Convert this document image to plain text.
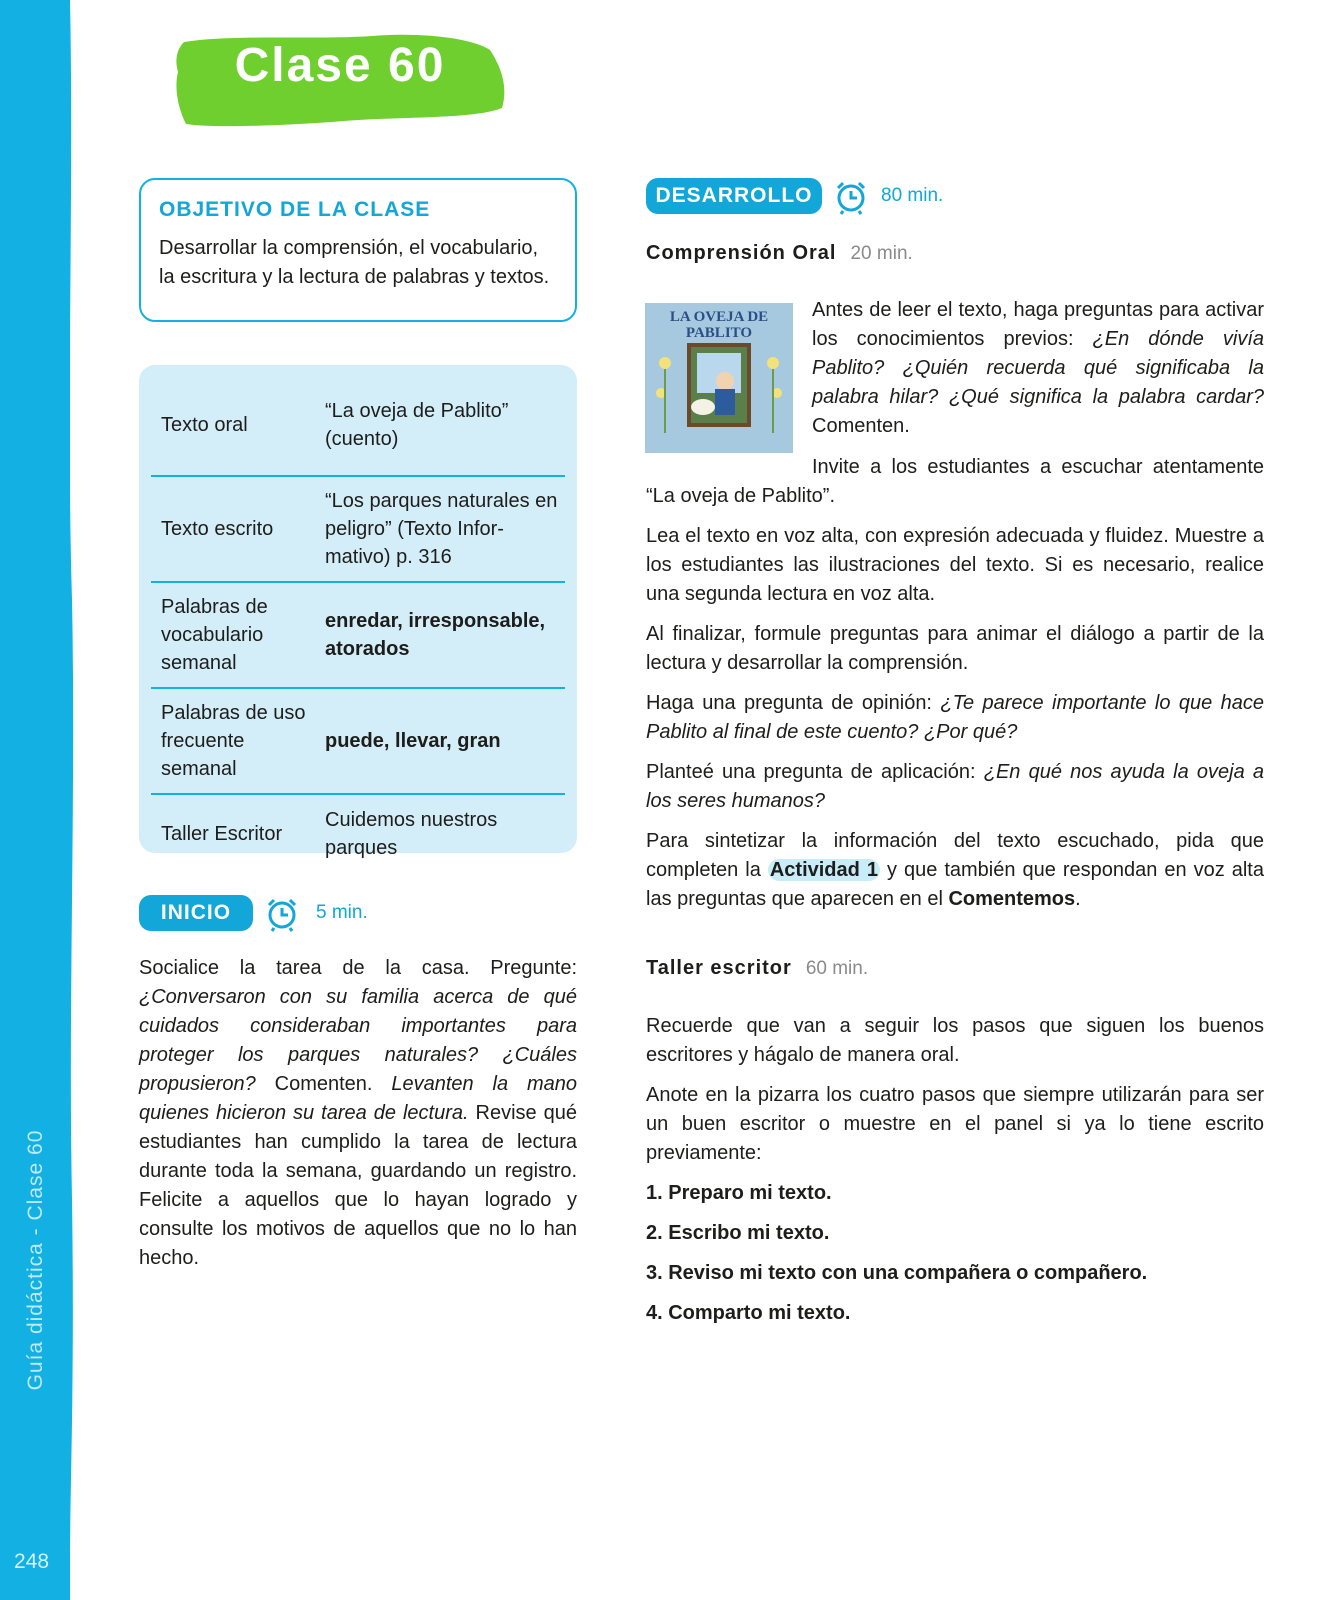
Guía didáctica - Clase 60
248
Clase 60
OBJETIVO DE LA CLASE

Desarrollar la comprensión, el vocabulario, la escritura y la lectura de palabras y textos.

Texto oral
“La oveja de Pablito” (cuento)
Texto escrito
“Los parques naturales en peligro” (Texto Infor-mativo) p. 316
Palabras de vocabulario semanal
enredar, irresponsable, atorados
Palabras de uso frecuente semanal
puede, llevar, gran
Taller Escritor
Cuidemos nuestros parques
INICIO	5 min.

Socialice la tarea de la casa. Pregunte: ¿Conversaron con su familia acerca de qué cuidados consideraban importantes para proteger los parques naturales? ¿Cuáles propusieron? Comenten. Levanten la mano quienes hicieron su tarea de lectura. Revise qué estudiantes han cumplido la tarea de lectura durante toda la semana, guardando un registro. Felicite a aquellos que lo hayan logrado y consulte los motivos de aquellos que no lo han hecho.

DESARROLLO	80 min.
Comprensión Oral 20 min.
LA OVEJA DE PABLITO

Antes de leer el texto, haga preguntas para activar los conocimientos previos: ¿En dónde vivía Pablito? ¿Quién recuerda qué significaba la palabra hilar? ¿Qué significa la palabra cardar? Comenten.

Invite a los estudiantes a escuchar atentamente “La oveja de Pablito”.

Lea el texto en voz alta, con expresión adecuada y fluidez. Muestre a los estudiantes las ilustraciones del texto. Si es necesario, realice una segunda lectura en voz alta.

Al finalizar, formule preguntas para animar el diálogo a partir de la lectura y desarrollar la comprensión.

Haga una pregunta de opinión: ¿Te parece importante lo que hace Pablito al final de este cuento? ¿Por qué?

Planteé una pregunta de aplicación: ¿En qué nos ayuda la oveja a los seres humanos?

Para sintetizar la información del texto escuchado, pida que completen la Actividad 1 y que también que respondan en voz alta las preguntas que aparecen en el Comentemos.

Taller escritor 60 min.

Recuerde que van a seguir los pasos que siguen los buenos escritores y hágalo de manera oral.

Anote en la pizarra los cuatro pasos que siempre utilizarán para ser un buen escritor o muestre en el panel si ya lo tiene escrito previamente:

1. Preparo mi texto.

2. Escribo mi texto.

3. Reviso mi texto con una compañera o compañero.

4. Comparto mi texto.
